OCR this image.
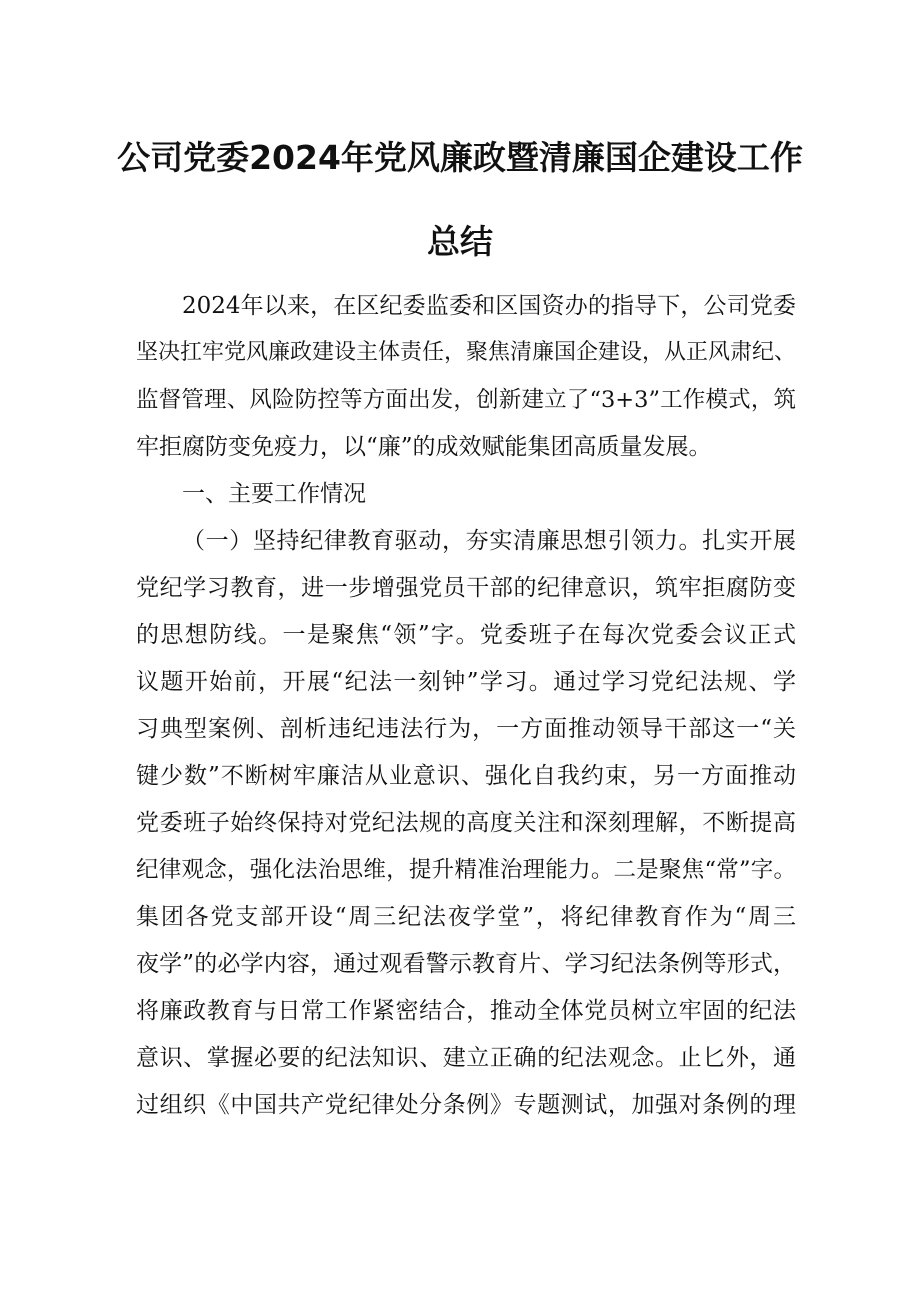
公司党委2024年党风廉政暨清廉国企建设工作
总结
2024年以来，在区纪委监委和区国资办的指导下，公司党委
坚决扛牢党风廉政建设主体责任，聚焦清廉国企建设，从正风肃纪、
监督管理、风险防控等方面出发，创新建立了“3+3”工作模式，筑
牢拒腐防变免疫力，以“廉”的成效赋能集团高质量发展。
一、主要工作情况
（一）坚持纪律教育驱动，夯实清廉思想引领力。扎实开展
党纪学习教育，进一步增强党员干部的纪律意识，筑牢拒腐防变
的思想防线。一是聚焦“领”字。党委班子在每次党委会议正式
议题开始前，开展“纪法一刻钟”学习。通过学习党纪法规、学
习典型案例、剖析违纪违法行为，一方面推动领导干部这一“关
键少数”不断树牢廉洁从业意识、强化自我约束，另一方面推动
党委班子始终保持对党纪法规的高度关注和深刻理解，不断提高
纪律观念，强化法治思维，提升精准治理能力。二是聚焦“常”字。
集团各党支部开设“周三纪法夜学堂”，将纪律教育作为“周三
夜学”的必学内容，通过观看警示教育片、学习纪法条例等形式，
将廉政教育与日常工作紧密结合，推动全体党员树立牢固的纪法
意识、掌握必要的纪法知识、建立正确的纪法观念。止匕外，通
过组织《中国共产党纪律处分条例》专题测试，加强对条例的理
